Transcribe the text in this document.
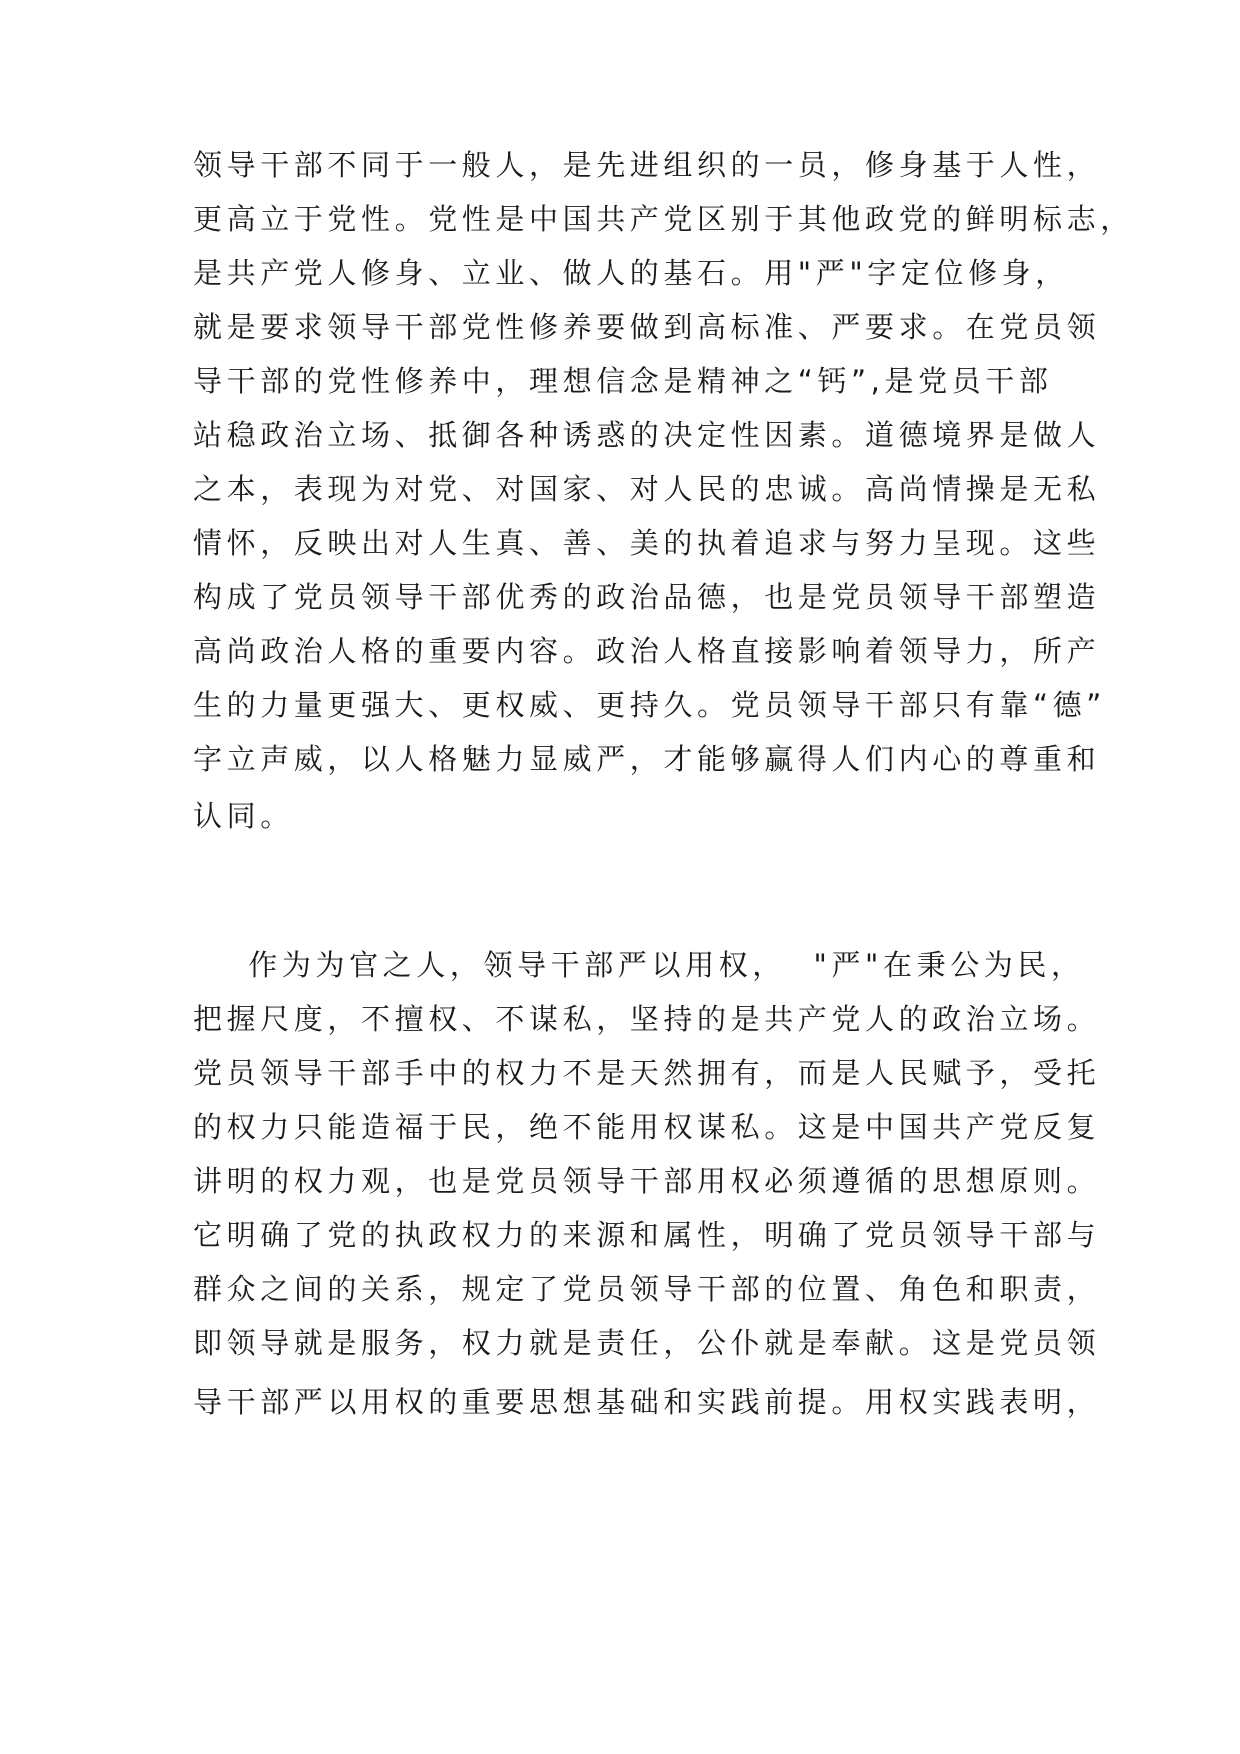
领导干部不同于一般人，是先进组织的一员，修身基于人性，
更高立于党性。党性是中国共产党区别于其他政党的鲜明标志，
是共产党人修身、立业、做人的基石。用"严"字定位修身，
就是要求领导干部党性修养要做到高标准、严要求。在党员领
导干部的党性修养中，理想信念是精神之“钙”,是党员干部
站稳政治立场、抵御各种诱惑的决定性因素。道德境界是做人
之本，表现为对党、对国家、对人民的忠诚。高尚情操是无私
情怀，反映出对人生真、善、美的执着追求与努力呈现。这些
构成了党员领导干部优秀的政治品德，也是党员领导干部塑造
高尚政治人格的重要内容。政治人格直接影响着领导力，所产
生的力量更强大、更权威、更持久。党员领导干部只有靠“德”
字立声威，以人格魅力显威严，才能够赢得人们内心的尊重和
认同。
作为为官之人，领导干部严以用权，  "严"在秉公为民，
把握尺度，不擅权、不谋私，坚持的是共产党人的政治立场。
党员领导干部手中的权力不是天然拥有，而是人民赋予，受托
的权力只能造福于民，绝不能用权谋私。这是中国共产党反复
讲明的权力观，也是党员领导干部用权必须遵循的思想原则。
它明确了党的执政权力的来源和属性，明确了党员领导干部与
群众之间的关系，规定了党员领导干部的位置、角色和职责，
即领导就是服务，权力就是责任，公仆就是奉献。这是党员领
导干部严以用权的重要思想基础和实践前提。用权实践表明，
